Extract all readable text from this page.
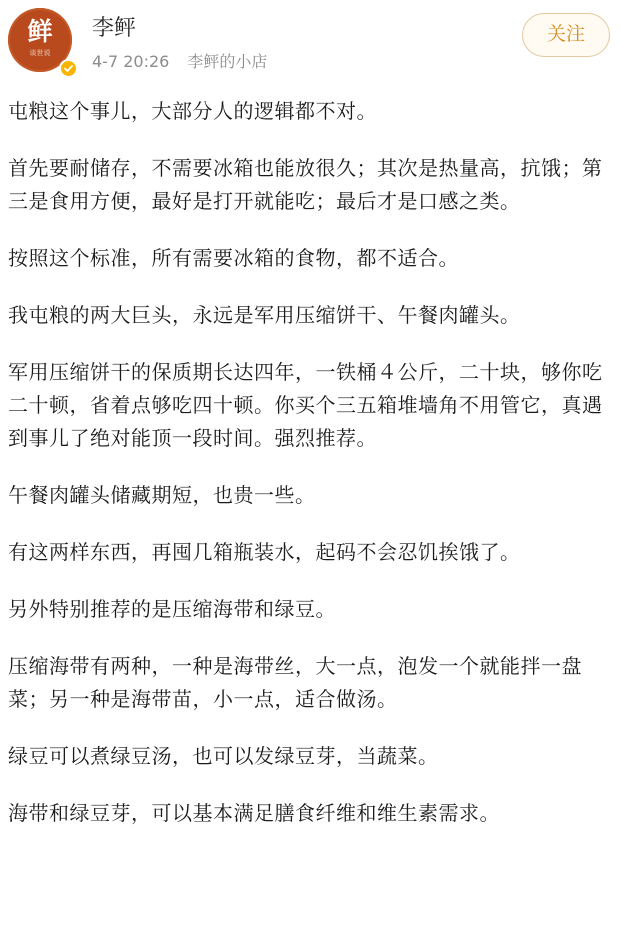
鲜
谈世说
李鲆
4-7 20:26 李鲆的小店
关注

屯粮这个事儿，大部分人的逻辑都不对。

首先要耐储存，不需要冰箱也能放很久；其次是热量高，抗饿；第三是食用方便，最好是打开就能吃；最后才是口感之类。

按照这个标准，所有需要冰箱的食物，都不适合。

我屯粮的两大巨头，永远是军用压缩饼干、午餐肉罐头。

军用压缩饼干的保质期长达四年，一铁桶４公斤，二十块，够你吃二十顿，省着点够吃四十顿。你买个三五箱堆墙角不用管它，真遇到事儿了绝对能顶一段时间。强烈推荐。

午餐肉罐头储藏期短，也贵一些。

有这两样东西，再囤几箱瓶装水，起码不会忍饥挨饿了。

另外特别推荐的是压缩海带和绿豆。

压缩海带有两种，一种是海带丝，大一点，泡发一个就能拌一盘菜；另一种是海带苗，小一点，适合做汤。

绿豆可以煮绿豆汤，也可以发绿豆芽，当蔬菜。

海带和绿豆芽，可以基本满足膳食纤维和维生素需求。
